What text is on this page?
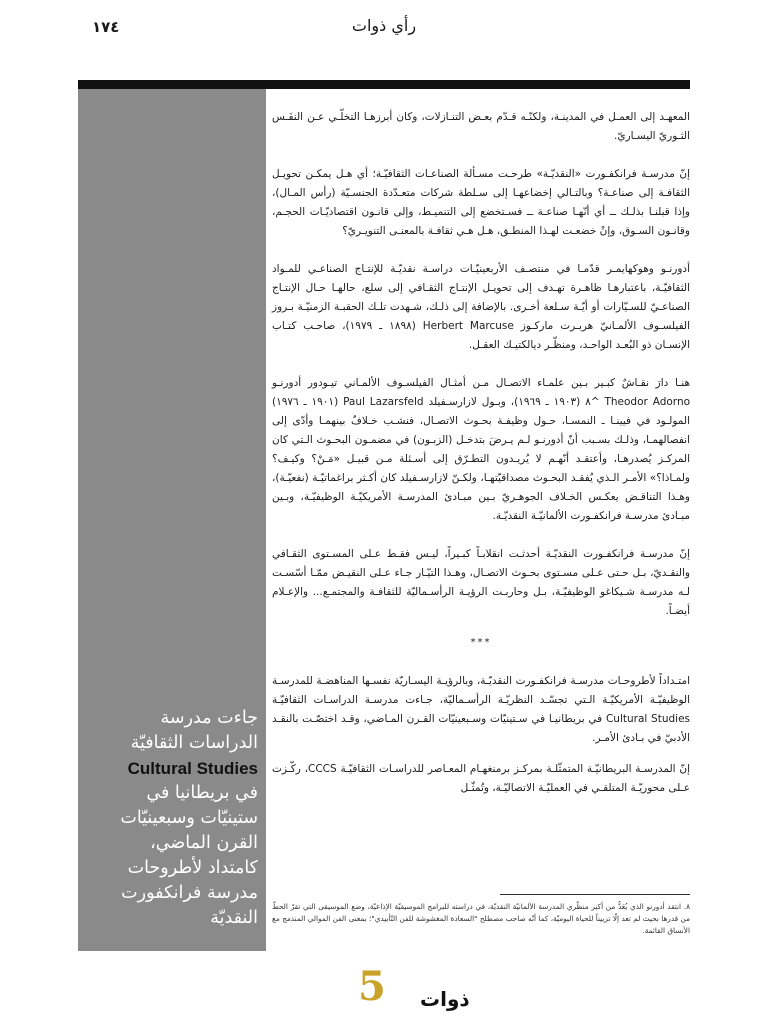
١٧٤	رأي ذوات
جاءت مدرسة
الدراسات الثقافيّة
Cultural Studies
في بريطانيا في
ستينيّات وسبعينيّات
القرن الماضي،
كامتداد لأطروحات
مدرسة فرانكفورت
النقديّة

المعهـد إلى العمـل في المدينـة، ولكنّـه قـدّم بعـض التنـازلات، وكان أبرزهـا التخلّـي عـن النفَـس الثـوريّ اليسـاريّ.

إنّ مدرسـة فرانكفـورت «النقديّـة» طرحـت مسـألة الصناعـات الثقافيّـة؛ أي هـل يمكـن تحويـل الثقافـة إلى صناعـة؟ وبالتـالي إخضاعهـا إلى سـلطة شركات متعـدّدة الجنسـيّة (رأس المـال)، وإذا قبلنـا بذلـك ــ أي أنّهـا صناعـة ــ فسـتخضع إلى التنميـط، وإلى قانـون اقتصاديّـات الحجـم، وقانـون السـوق، وإنْ خضعـت لهـذا المنطـق، هـل هـي ثقافـة بالمعنـى التنويـريّ؟

أدورنـو وهوكهايمـر قدّمـا في منتصـف الأربعينيّـات دراسـة نقديّـة للإنتـاج الصناعـي للمـواد الثقافيّـة، باعتبارهـا ظاهـرة تهـدف إلى تحويـل الإنتـاج الثقـافي إلى سلع، حالهـا حـال الإنتـاج الصناعـيّ للسـيّارات أو أيّـة سـلعة أخـرى. بالإضافة إلى ذلـك، شـهدت تلـك الحقبـة الزمنيّـة بـروز الفيلسـوف الألمـانيّ هربـرت ماركـوز Herbert Marcuse (١٨٩٨ ـ ١٩٧٩)، صاحـب كتـاب الإنسـان ذو البُعـد الواحـد، ومنظّـر ديالكتيـك العقـل.

هنـا دارَ نقـاشٌ كبـير بـين علمـاء الاتصـال مـن أمثـال الفيلسـوف الألمـاني تيـودور أدورنـو Theodor Adorno ^٨ (١٩٠٣ ـ ١٩٦٩)، وبـول لازارسـفيلد Paul Lazarsfeld (١٩٠١ ـ ١٩٧٦) المولـود في فيينـا ـ النمسـا، حـول وظيفـة بحـوث الاتصـال، فنشـب خـلافٌ بينهمـا وأدّى إلى انفصالهمـا، وذلـك بسـبب أنّ أدورنـو لـم يـرضَ بتدخـل (الزبـون) في مضمـون البحـوث الـتي كان المركـز يُصدرهـا، وأعتقـد أنّهـم لا يُريـدون التطـرّق إلى أسـئلة مـن قبيـل «مَـنْ؟ وكيـف؟ ولمـاذا؟» الأمـر الـذي يُفقـد البحـوث مصداقيّتهـا، ولكـنّ لازارسـفيلد كان أكـثر براغماتيّـة (نفعيّـة)، وهـذا التناقـض يعكـس الخـلاف الجوهـريّ بـين مبـادئ المدرسـة الأمريكيّـة الوظيفيّـة، وبـين مبـادئ مدرسـة فرانكفـورت الألمانيّـة النقديّـة.

إنّ مدرسـة فرانكفـورت النقديّـة أحدثـت انقلابـاً كبـيراً، ليـس فقـط عـلى المسـتوى الثقـافي والنقـديّ، بـل حـتى عـلى مسـتوى بحـوث الاتصـال، وهـذا التيّـار جـاء عـلى النقيـض ممّـا أسّسـت لـه مدرسـة شـيكاغو الوظيفيّـة، بـل وحاربـت الرؤيـة الرأسـماليّة للثقافـة والمجتمـع... والإعـلام أيضـاً.

***

امتـداداً لأطروحـات مدرسـة فرانكفـورت النقديّـة، وبالرؤيـة اليسـاريّة نفسـها المناهضـة للمدرسـة الوظيفيّـة الأمريكيّـة الـتي تجسّـد النظريّـة الرأسـماليّة، جـاءت مدرسـة الدراسـات الثقافيّـة Cultural Studies في بريطانيـا في سـتينيّات وسـبعينيّات القـرن المـاضي، وقـد اختصّـت بالنقـد الأدبيّ في بـادئ الأمـر.

إنّ المدرسـة البريطانيّـة المتمثّلـة بمركـز برمنغهـام المعـاصر للدراسـات الثقافيّـة CCCS، ركّـزت عـلى محوريّـة المتلقـي في العمليّـة الاتصاليّـة، وتُمثّـل

٨. انتقد أدورنو الذي يُعَدُّ من أكبر منظّري المدرسة الألمانيّة النقديّة، في دراسته للبرامج الموسيقيّة الإذاعيّة، وضع الموسيقى التي تقرّ الحطّ من قدرها بحيث لم تعد إلّا تزييناً للحياة اليوميّة، كما أنّه صاحب مصطلح "السعادة المغشوشة للفن التّأبيدي"؛ بمعنى الفن الموالي المندمج مع الأنساق القائمة.
5 ذوات
